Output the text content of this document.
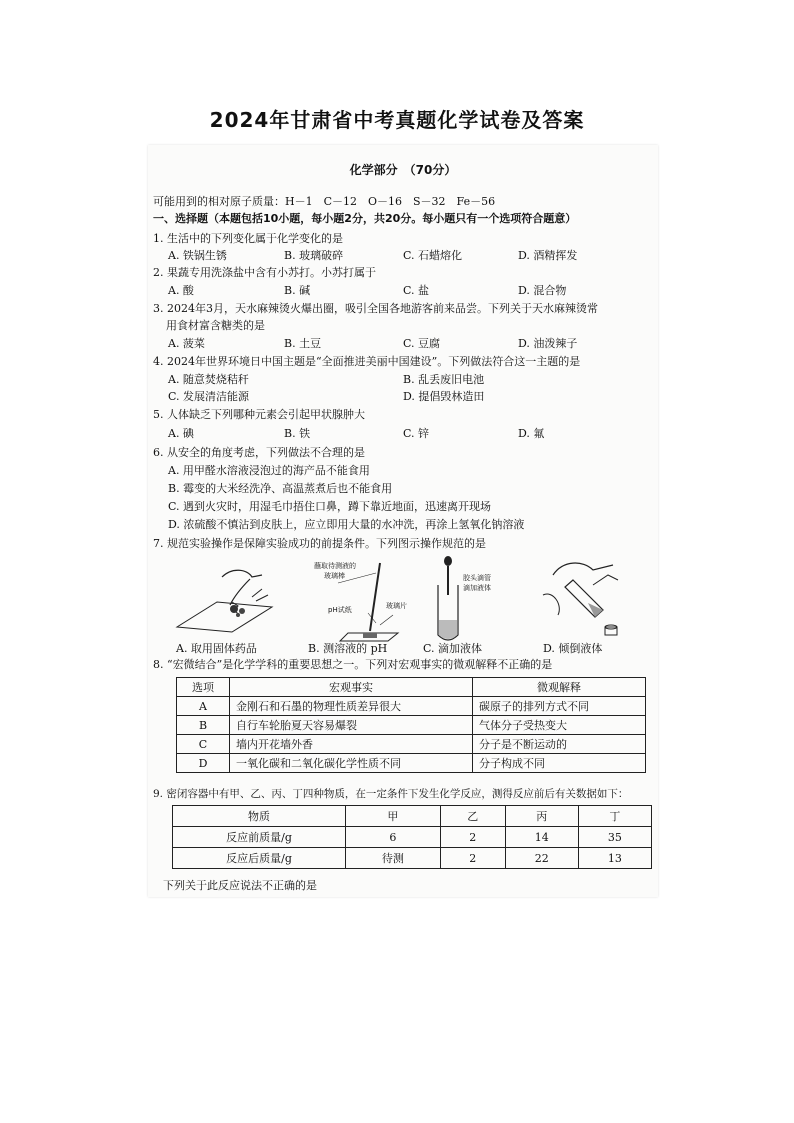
2024年甘肃省中考真题化学试卷及答案
化学部分　（70分）
可能用到的相对原子质量：H－1　C－12　O－16　S－32　Fe－56
一、选择题（本题包括10小题，每小题2分，共20分。每小题只有一个选项符合题意）
1. 生活中的下列变化属于化学变化的是
A. 铁锅生锈	B. 玻璃破碎	C. 石蜡熔化	D. 酒精挥发
2. 果蔬专用洗涤盐中含有小苏打。小苏打属于
A. 酸	B. 碱	C. 盐	D. 混合物
3. 2024年3月，天水麻辣烫火爆出圈，吸引全国各地游客前来品尝。下列关于天水麻辣烫常
用食材富含糖类的是
A. 菠菜	B. 土豆	C. 豆腐	D. 油泼辣子
4. 2024年世界环境日中国主题是“全面推进美丽中国建设”。下列做法符合这一主题的是
A. 随意焚烧秸秆	B. 乱丢废旧电池
C. 发展清洁能源	D. 提倡毁林造田
5. 人体缺乏下列哪种元素会引起甲状腺肿大
A. 碘	B. 铁	C. 锌	D. 氟
6. 从安全的角度考虑，下列做法不合理的是
A. 用甲醛水溶液浸泡过的海产品不能食用
B. 霉变的大米经洗净、高温蒸煮后也不能食用
C. 遇到火灾时，用湿毛巾捂住口鼻，蹲下靠近地面，迅速离开现场
D. 浓硫酸不慎沾到皮肤上，应立即用大量的水冲洗，再涂上氢氧化钠溶液
7. 规范实验操作是保障实验成功的前提条件。下列图示操作规范的是
蘸取待测液的
玻璃棒
pH试纸	玻璃片
胶头滴管
滴加液体
A. 取用固体药品	B. 测溶液的 pH	C. 滴加液体	D. 倾倒液体
8. “宏微结合”是化学学科的重要思想之一。下列对宏观事实的微观解释不正确的是
选项	宏观事实	微观解释
A	金刚石和石墨的物理性质差异很大	碳原子的排列方式不同
B	自行车轮胎夏天容易爆裂	气体分子受热变大
C	墙内开花墙外香	分子是不断运动的
D	一氧化碳和二氧化碳化学性质不同	分子构成不同
9. 密闭容器中有甲、乙、丙、丁四种物质，在一定条件下发生化学反应，测得反应前后有关数据如下：
物质	甲	乙	丙	丁
反应前质量/g	6	2	14	35
反应后质量/g	待测	2	22	13
下列关于此反应说法不正确的是
